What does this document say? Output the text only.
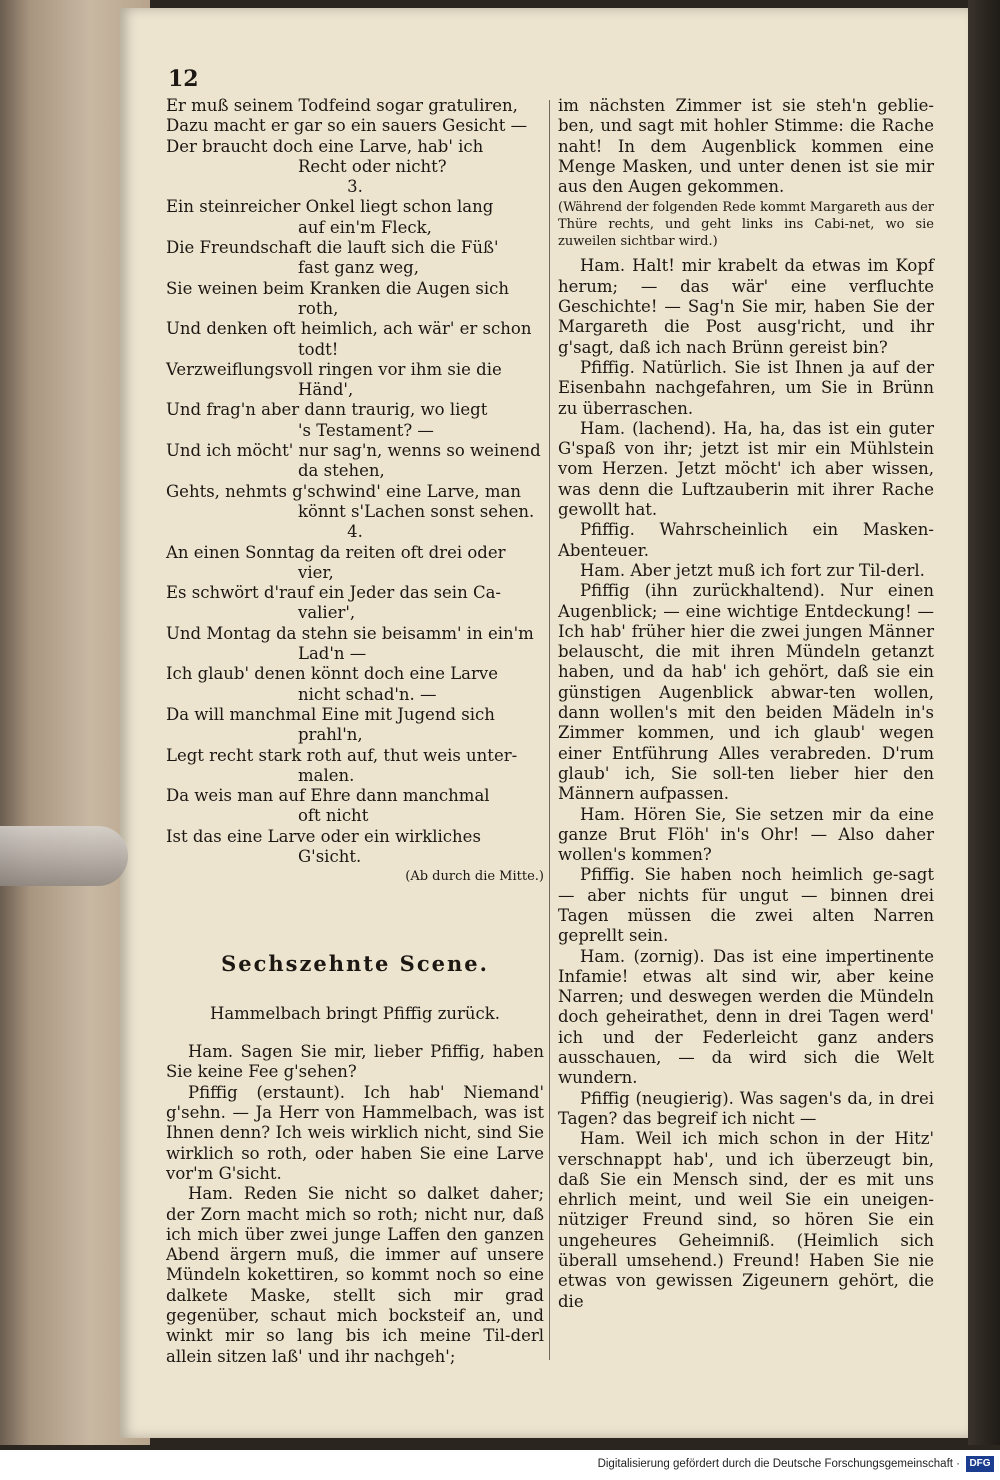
12
Er muß seinem Todfeind sogar gratuliren,
Dazu macht er gar so ein sauers Gesicht —
Der braucht doch eine Larve, hab' ich
Recht oder nicht?
3.
Ein steinreicher Onkel liegt schon lang
auf ein'm Fleck,
Die Freundschaft die lauft sich die Füß'
fast ganz weg,
Sie weinen beim Kranken die Augen sich
roth,
Und denken oft heimlich, ach wär' er schon
todt!
Verzweiflungsvoll ringen vor ihm sie die
Händ',
Und frag'n aber dann traurig, wo liegt
's Testament? —
Und ich möcht' nur sag'n, wenns so weinend
da stehen,
Gehts, nehmts g'schwind' eine Larve, man
könnt s'Lachen sonst sehen.
4.
An einen Sonntag da reiten oft drei oder
vier,
Es schwört d'rauf ein Jeder das sein Ca-
valier',
Und Montag da stehn sie beisamm' in ein'm
Lad'n —
Ich glaub' denen könnt doch eine Larve
nicht schad'n. —
Da will manchmal Eine mit Jugend sich
prahl'n,
Legt recht stark roth auf, thut weis unter-
malen.
Da weis man auf Ehre dann manchmal
oft nicht
Ist das eine Larve oder ein wirkliches
G'sicht.
(Ab durch die Mitte.)
Sechszehnte Scene.
Hammelbach bringt Pfiffig zurück.

Ham. Sagen Sie mir, lieber Pfiffig, haben Sie keine Fee g'sehen?

Pfiffig (erstaunt). Ich hab' Niemand' g'sehn. — Ja Herr von Hammelbach, was ist Ihnen denn? Ich weis wirklich nicht, sind Sie wirklich so roth, oder haben Sie eine Larve vor'm G'sicht.

Ham. Reden Sie nicht so dalket daher; der Zorn macht mich so roth; nicht nur, daß ich mich über zwei junge Laffen den ganzen Abend ärgern muß, die immer auf unsere Mündeln kokettiren, so kommt noch so eine dalkete Maske, stellt sich mir grad gegenüber, schaut mich bocksteif an, und winkt mir so lang bis ich meine Til-derl allein sitzen laß' und ihr nachgeh';

im nächsten Zimmer ist sie steh'n geblie-ben, und sagt mit hohler Stimme: die Rache naht! In dem Augenblick kommen eine Menge Masken, und unter denen ist sie mir aus den Augen gekommen.

(Während der folgenden Rede kommt Margareth aus der Thüre rechts, und geht links ins Cabi-net, wo sie zuweilen sichtbar wird.)

Ham. Halt! mir krabelt da etwas im Kopf herum; — das wär' eine verfluchte Geschichte! — Sag'n Sie mir, haben Sie der Margareth die Post ausg'richt, und ihr g'sagt, daß ich nach Brünn gereist bin?

Pfiffig. Natürlich. Sie ist Ihnen ja auf der Eisenbahn nachgefahren, um Sie in Brünn zu überraschen.

Ham. (lachend). Ha, ha, das ist ein guter G'spaß von ihr; jetzt ist mir ein Mühlstein vom Herzen. Jetzt möcht' ich aber wissen, was denn die Luftzauberin mit ihrer Rache gewollt hat.

Pfiffig. Wahrscheinlich ein Masken-Abenteuer.

Ham. Aber jetzt muß ich fort zur Til-derl.

Pfiffig (ihn zurückhaltend). Nur einen Augenblick; — eine wichtige Entdeckung! — Ich hab' früher hier die zwei jungen Männer belauscht, die mit ihren Mündeln getanzt haben, und da hab' ich gehört, daß sie ein günstigen Augenblick abwar-ten wollen, dann wollen's mit den beiden Mädeln in's Zimmer kommen, und ich glaub' wegen einer Entführung Alles verabreden. D'rum glaub' ich, Sie soll-ten lieber hier den Männern aufpassen.

Ham. Hören Sie, Sie setzen mir da eine ganze Brut Flöh' in's Ohr! — Also daher wollen's kommen?

Pfiffig. Sie haben noch heimlich ge-sagt — aber nichts für ungut — binnen drei Tagen müssen die zwei alten Narren geprellt sein.

Ham. (zornig). Das ist eine impertinente Infamie! etwas alt sind wir, aber keine Narren; und deswegen werden die Mündeln doch geheirathet, denn in drei Tagen werd' ich und der Federleicht ganz anders ausschauen, — da wird sich die Welt wundern.

Pfiffig (neugierig). Was sagen's da, in drei Tagen? das begreif ich nicht —

Ham. Weil ich mich schon in der Hitz' verschnappt hab', und ich überzeugt bin, daß Sie ein Mensch sind, der es mit uns ehrlich meint, und weil Sie ein uneigen-nütziger Freund sind, so hören Sie ein ungeheures Geheimniß. (Heimlich sich überall umsehend.) Freund! Haben Sie nie etwas von gewissen Zigeunern gehört, die die

Digitalisierung gefördert durch die Deutsche Forschungsgemeinschaft · DFG
